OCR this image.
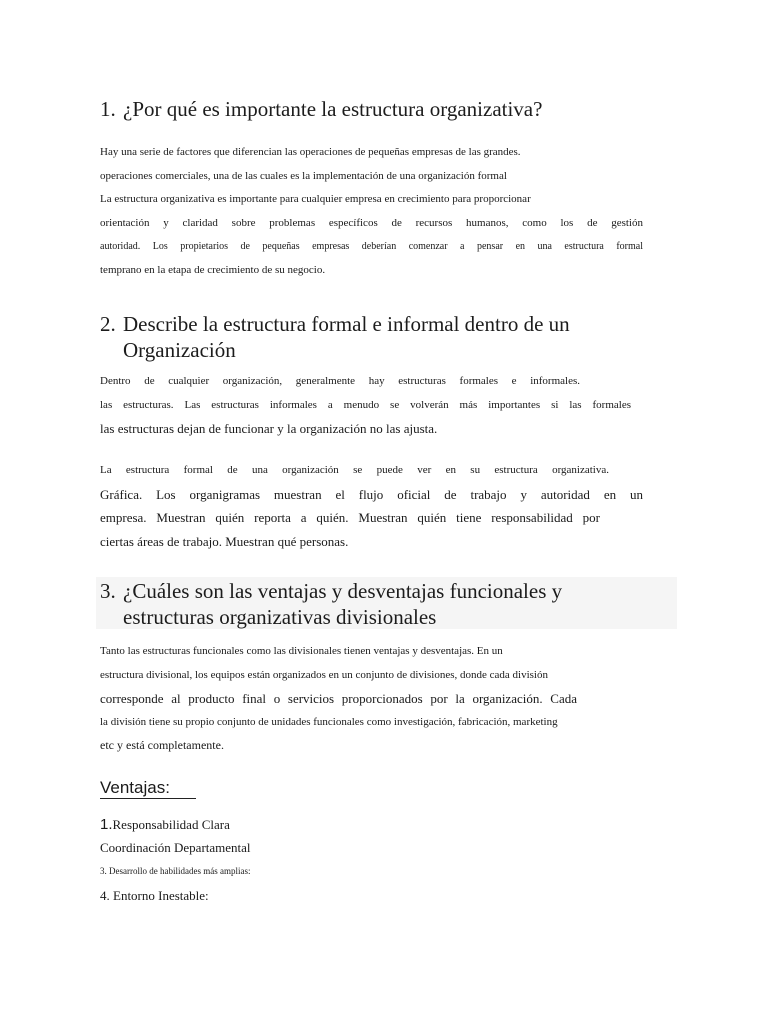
1. ¿Por qué es importante la estructura organizativa?

Hay una serie de factores que diferencian las operaciones de pequeñas empresas de las grandes.
operaciones comerciales, una de las cuales es la implementación de una organización formal
La estructura organizativa es importante para cualquier empresa en crecimiento para proporcionar
orientación y claridad sobre problemas específicos de recursos humanos, como los de gestión
autoridad. Los propietarios de pequeñas empresas deberían comenzar a pensar en una estructura formal
temprano en la etapa de crecimiento de su negocio.

2. Describe la estructura formal e informal dentro de un
Organización

Dentro de cualquier organización, generalmente hay estructuras formales e informales.
las estructuras. Las estructuras informales a menudo se volverán más importantes si las formales
las estructuras dejan de funcionar y la organización no las ajusta.

La estructura formal de una organización se puede ver en su estructura organizativa.
Gráfica. Los organigramas muestran el flujo oficial de trabajo y autoridad en un
empresa. Muestran quién reporta a quién. Muestran quién tiene responsabilidad por
ciertas áreas de trabajo. Muestran qué personas.

3. ¿Cuáles son las ventajas y desventajas funcionales y
estructuras organizativas divisionales

Tanto las estructuras funcionales como las divisionales tienen ventajas y desventajas. En un
estructura divisional, los equipos están organizados en un conjunto de divisiones, donde cada división
corresponde al producto final o servicios proporcionados por la organización. Cada
la división tiene su propio conjunto de unidades funcionales como investigación, fabricación, marketing
etc y está completamente.

Ventajas:
1.Responsabilidad Clara
Coordinación Departamental
3. Desarrollo de habilidades más amplias:
4. Entorno Inestable:
